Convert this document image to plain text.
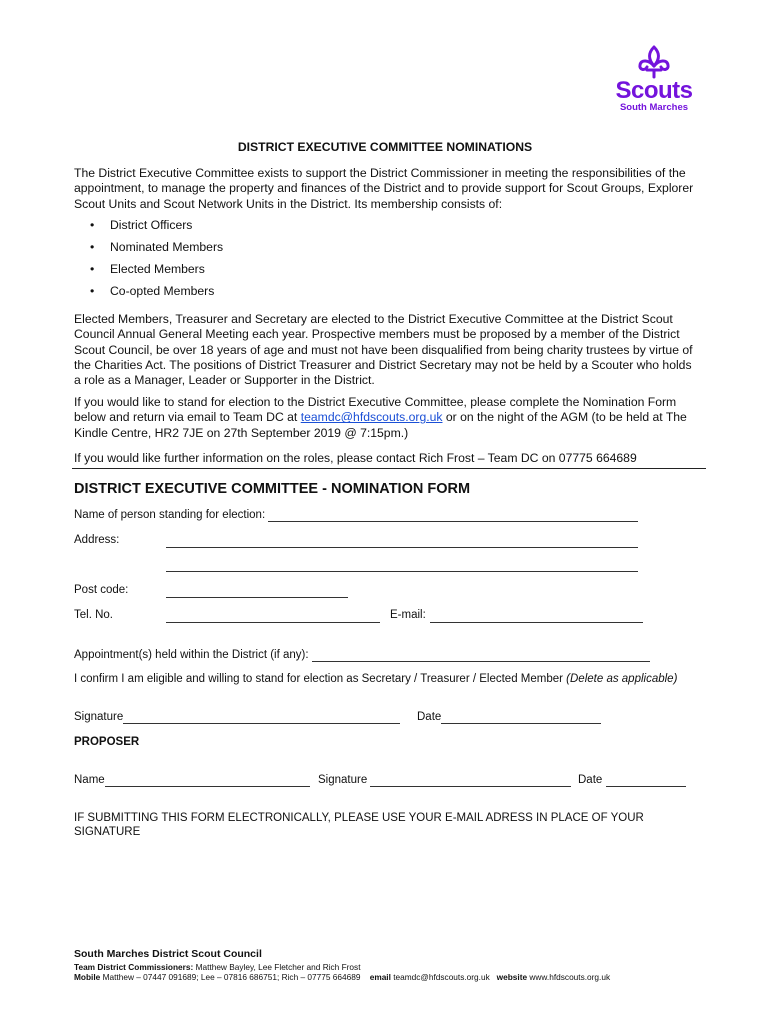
Scouts
South Marches
DISTRICT EXECUTIVE COMMITTEE NOMINATIONS
The District Executive Committee exists to support the District Commissioner in meeting the responsibilities of the appointment, to manage the property and finances of the District and to provide support for Scout Groups, Explorer Scout Units and Scout Network Units in the District. Its membership consists of:
• District Officers
• Nominated Members
• Elected Members
• Co-opted Members
Elected Members, Treasurer and Secretary are elected to the District Executive Committee at the District Scout Council Annual General Meeting each year. Prospective members must be proposed by a member of the District Scout Council, be over 18 years of age and must not have been disqualified from being charity trustees by virtue of the Charities Act. The positions of District Treasurer and District Secretary may not be held by a Scouter who holds a role as a Manager, Leader or Supporter in the District.
If you would like to stand for election to the District Executive Committee, please complete the Nomination Form below and return via email to Team DC at teamdc@hfdscouts.org.uk or on the night of the AGM (to be held at The Kindle Centre, HR2 7JE on 27th September 2019 @ 7:15pm.)
If you would like further information on the roles, please contact Rich Frost – Team DC on 07775 664689
DISTRICT EXECUTIVE COMMITTEE - NOMINATION FORM
Name of person standing for election:
Address:
Post code:
Tel. No.	E-mail:
Appointment(s) held within the District (if any):
I confirm I am eligible and willing to stand for election as Secretary / Treasurer / Elected Member (Delete as applicable)
Signature	Date
PROPOSER
Name	Signature	Date
IF SUBMITTING THIS FORM ELECTRONICALLY, PLEASE USE YOUR E-MAIL ADRESS IN PLACE OF YOUR SIGNATURE
South Marches District Scout Council
Team District Commissioners: Matthew Bayley, Lee Fletcher and Rich Frost
Mobile Matthew – 07447 091689; Lee – 07816 686751; Rich – 07775 664689 email teamdc@hfdscouts.org.uk website www.hfdscouts.org.uk
